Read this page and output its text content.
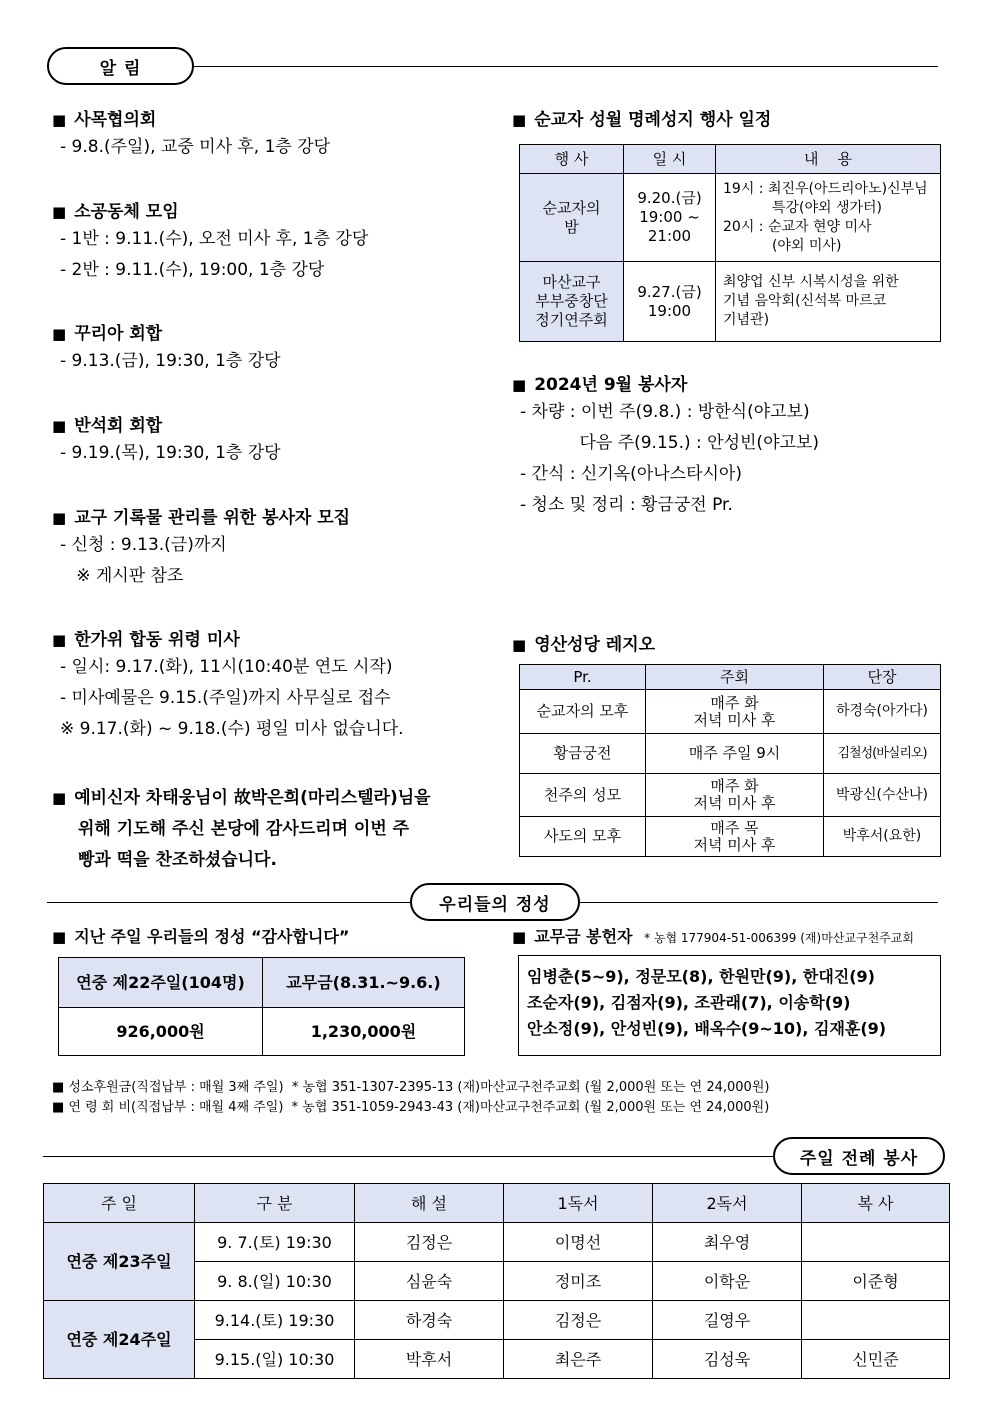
알 림
■ 사목협의회
- 9.8.(주일), 교중 미사 후, 1층 강당
■ 소공동체 모임
- 1반 : 9.11.(수), 오전 미사 후, 1층 강당
- 2반 : 9.11.(수), 19:00, 1층 강당
■ 꾸리아 회합
- 9.13.(금), 19:30, 1층 강당
■ 반석회 회합
- 9.19.(목), 19:30, 1층 강당
■ 교구 기록물 관리를 위한 봉사자 모집
- 신청 : 9.13.(금)까지
※ 게시판 참조
■ 한가위 합동 위령 미사
- 일시: 9.17.(화), 11시(10:40분 연도 시작)
- 미사예물은 9.15.(주일)까지 사무실로 접수
※ 9.17.(화) ~ 9.18.(수) 평일 미사 없습니다.
■ 예비신자 차태웅님이 故박은희(마리스텔라)님을
위해 기도해 주신 본당에 감사드리며 이번 주
빵과 떡을 찬조하셨습니다.
■ 순교자 성월 명례성지 행사 일정
행 사	일 시	내    용
순교자의
밤	9.20.(금)
19:00 ~
21:00	19시 : 최진우(아드리아노)신부님
특강(야외 생가터)
20시 : 순교자 현양 미사
(야외 미사)
마산교구
부부중창단
정기연주회	9.27.(금)
19:00	최양업 신부 시복시성을 위한
기념 음악회(신석복 마르코
기념관)
■ 2024년 9월 봉사자
- 차량 : 이번 주(9.8.) : 방한식(야고보)
다음 주(9.15.) : 안성빈(야고보)
- 간식 : 신기옥(아나스타시아)
- 청소 및 정리 : 황금궁전 Pr.
■ 영산성당 레지오
Pr.	주회	단장
순교자의 모후	매주 화
저녁 미사 후	하경숙(아가다)
황금궁전	매주 주일 9시	김철성(바실리오)
천주의 성모	매주 화
저녁 미사 후	박광신(수산나)
사도의 모후	매주 목
저녁 미사 후	박후서(요한)
우리들의 정성
■ 지난 주일 우리들의 정성 “감사합니다”
연중 제22주일(104명)	교무금(8.31.~9.6.)
926,000원	1,230,000원
■ 교무금 봉헌자 * 농협 177904-51-006399 (재)마산교구천주교회
임병춘(5~9), 정문모(8), 한원만(9), 한대진(9)
조순자(9), 김점자(9), 조관래(7), 이송학(9)
안소정(9), 안성빈(9), 배옥수(9~10), 김재훈(9)
■ 성소후원금(직접납부 : 매월 3째 주일)  * 농협 351-1307-2395-13 (재)마산교구천주교회 (월 2,000원 또는 연 24,000원)
■ 연 령 회 비(직접납부 : 매월 4째 주일)  * 농협 351-1059-2943-43 (재)마산교구천주교회 (월 2,000원 또는 연 24,000원)
주일 전례 봉사
주 일	구 분	해 설	1독서	2독서	복 사
연중 제23주일	9. 7.(토) 19:30	김정은	이명선	최우영	
	9. 8.(일) 10:30	심윤숙	정미조	이학운	이준형
연중 제24주일	9.14.(토) 19:30	하경숙	김정은	길영우	
	9.15.(일) 10:30	박후서	최은주	김성욱	신민준
